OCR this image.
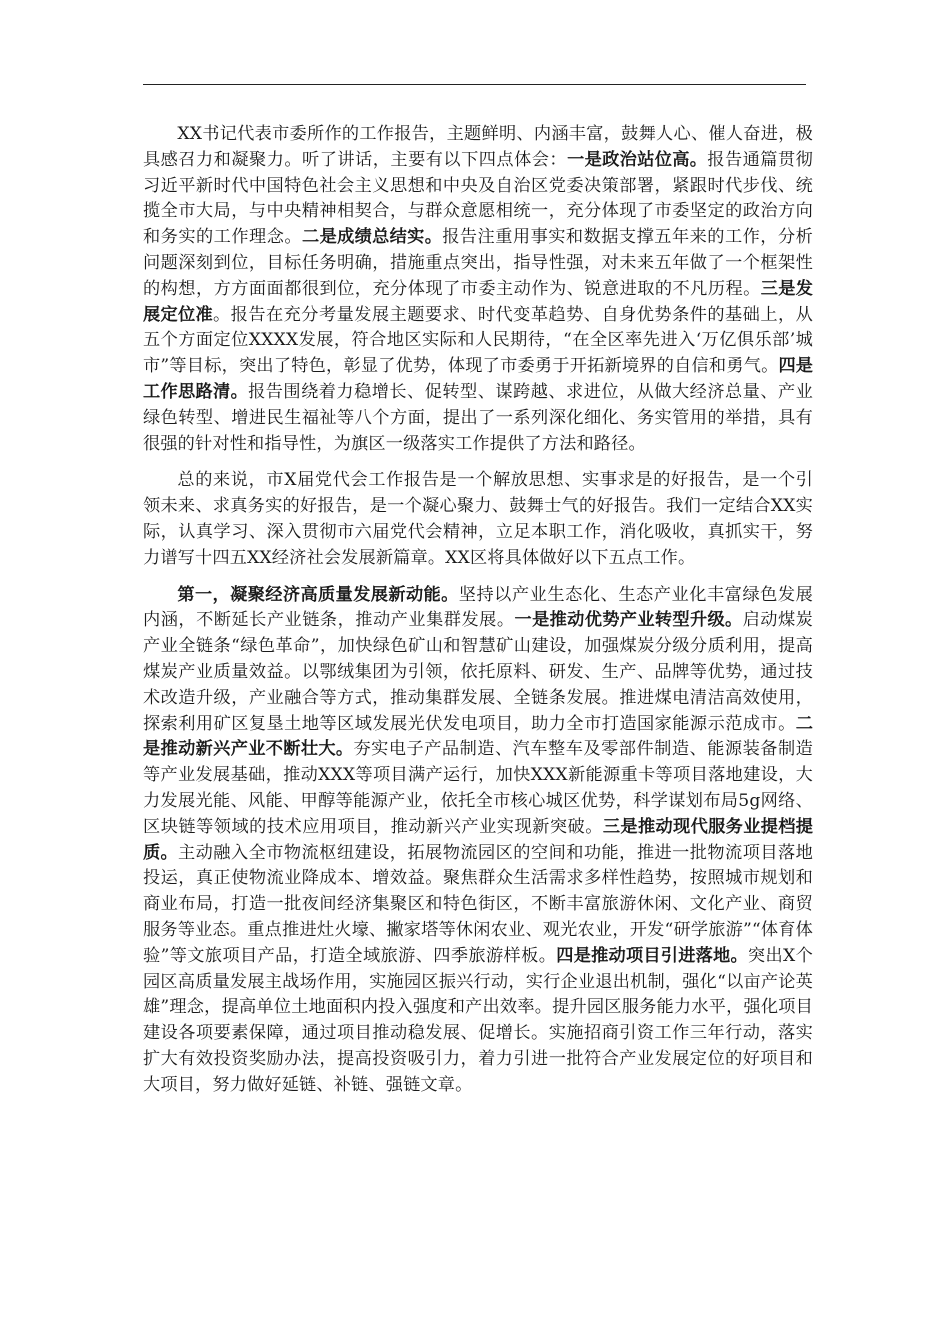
XX书记代表市委所作的工作报告，主题鲜明、内涵丰富，鼓舞人心、催人奋进，极具感召力和凝聚力。听了讲话，主要有以下四点体会：一是政治站位高。报告通篇贯彻习近平新时代中国特色社会主义思想和中央及自治区党委决策部署，紧跟时代步伐、统揽全市大局，与中央精神相契合，与群众意愿相统一，充分体现了市委坚定的政治方向和务实的工作理念。二是成绩总结实。报告注重用事实和数据支撑五年来的工作，分析问题深刻到位，目标任务明确，措施重点突出，指导性强，对未来五年做了一个框架性的构想，方方面面都很到位，充分体现了市委主动作为、锐意进取的不凡历程。三是发展定位准。报告在充分考量发展主题要求、时代变革趋势、自身优势条件的基础上，从五个方面定位XXXX发展，符合地区实际和人民期待，“在全区率先进入‘万亿俱乐部’城市”等目标，突出了特色，彰显了优势，体现了市委勇于开拓新境界的自信和勇气。四是工作思路清。报告围绕着力稳增长、促转型、谋跨越、求进位，从做大经济总量、产业绿色转型、增进民生福祉等八个方面，提出了一系列深化细化、务实管用的举措，具有很强的针对性和指导性，为旗区一级落实工作提供了方法和路径。

总的来说，市X届党代会工作报告是一个解放思想、实事求是的好报告，是一个引领未来、求真务实的好报告，是一个凝心聚力、鼓舞士气的好报告。我们一定结合XX实际，认真学习、深入贯彻市六届党代会精神，立足本职工作，消化吸收，真抓实干，努力谱写十四五XX经济社会发展新篇章。XX区将具体做好以下五点工作。

第一，凝聚经济高质量发展新动能。坚持以产业生态化、生态产业化丰富绿色发展内涵，不断延长产业链条，推动产业集群发展。一是推动优势产业转型升级。启动煤炭产业全链条“绿色革命”，加快绿色矿山和智慧矿山建设，加强煤炭分级分质利用，提高煤炭产业质量效益。以鄂绒集团为引领，依托原料、研发、生产、品牌等优势，通过技术改造升级，产业融合等方式，推动集群发展、全链条发展。推进煤电清洁高效使用，探索利用矿区复垦土地等区域发展光伏发电项目，助力全市打造国家能源示范成市。二是推动新兴产业不断壮大。夯实电子产品制造、汽车整车及零部件制造、能源装备制造等产业发展基础，推动XXX等项目满产运行，加快XXX新能源重卡等项目落地建设，大力发展光能、风能、甲醇等能源产业，依托全市核心城区优势，科学谋划布局5g网络、区块链等领域的技术应用项目，推动新兴产业实现新突破。三是推动现代服务业提档提质。主动融入全市物流枢纽建设，拓展物流园区的空间和功能，推进一批物流项目落地投运，真正使物流业降成本、增效益。聚焦群众生活需求多样性趋势，按照城市规划和商业布局，打造一批夜间经济集聚区和特色街区，不断丰富旅游休闲、文化产业、商贸服务等业态。重点推进灶火壕、撇家塔等休闲农业、观光农业，开发“研学旅游”“体育体验”等文旅项目产品，打造全域旅游、四季旅游样板。四是推动项目引进落地。突出X个园区高质量发展主战场作用，实施园区振兴行动，实行企业退出机制，强化“以亩产论英雄”理念，提高单位土地面积内投入强度和产出效率。提升园区服务能力水平，强化项目建设各项要素保障，通过项目推动稳发展、促增长。实施招商引资工作三年行动，落实扩大有效投资奖励办法，提高投资吸引力，着力引进一批符合产业发展定位的好项目和大项目，努力做好延链、补链、强链文章。
